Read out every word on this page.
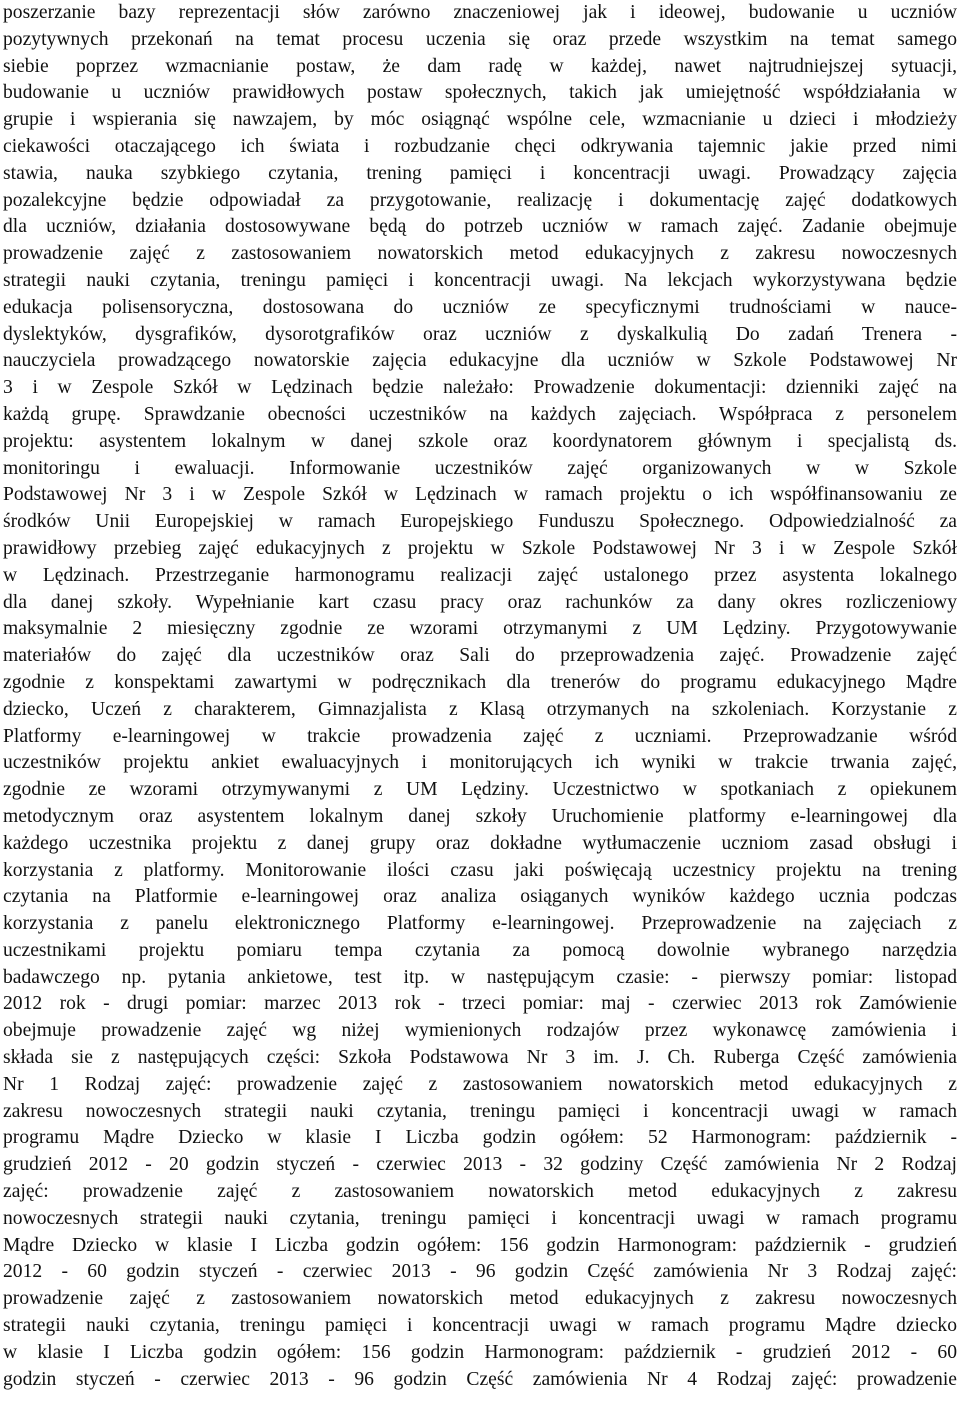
poszerzanie bazy reprezentacji słów zarówno znaczeniowej jak i ideowej, budowanie u uczniów
pozytywnych przekonań na temat procesu uczenia się oraz przede wszystkim na temat samego
siebie poprzez wzmacnianie postaw, że dam radę w każdej, nawet najtrudniejszej sytuacji,
budowanie u uczniów prawidłowych postaw społecznych, takich jak umiejętność współdziałania w
grupie i wspierania się nawzajem, by móc osiągnąć wspólne cele, wzmacnianie u dzieci i młodzieży
ciekawości otaczającego ich świata i rozbudzanie chęci odkrywania tajemnic jakie przed nimi
stawia, nauka szybkiego czytania, trening pamięci i koncentracji uwagi. Prowadzący zajęcia
pozalekcyjne będzie odpowiadał za przygotowanie, realizację i dokumentację zajęć dodatkowych
dla uczniów, działania dostosowywane będą do potrzeb uczniów w ramach zajęć. Zadanie obejmuje
prowadzenie zajęć z zastosowaniem nowatorskich metod edukacyjnych z zakresu nowoczesnych
strategii nauki czytania, treningu pamięci i koncentracji uwagi. Na lekcjach wykorzystywana będzie
edukacja polisensoryczna, dostosowana do uczniów ze specyficznymi trudnościami w nauce-
dyslektyków, dysgrafików, dysorotgrafików oraz uczniów z dyskalkulią Do zadań Trenera -
nauczyciela prowadzącego nowatorskie zajęcia edukacyjne dla uczniów w Szkole Podstawowej Nr
3 i w Zespole Szkół w Lędzinach będzie należało: Prowadzenie dokumentacji: dzienniki zajęć na
każdą grupę. Sprawdzanie obecności uczestników na każdych zajęciach. Współpraca z personelem
projektu: asystentem lokalnym w danej szkole oraz koordynatorem głównym i specjalistą ds.
monitoringu i ewaluacji. Informowanie uczestników zajęć organizowanych w w Szkole
Podstawowej Nr 3 i w Zespole Szkół w Lędzinach w ramach projektu o ich współfinansowaniu ze
środków Unii Europejskiej w ramach Europejskiego Funduszu Społecznego. Odpowiedzialność za
prawidłowy przebieg zajęć edukacyjnych z projektu w Szkole Podstawowej Nr 3 i w Zespole Szkół
w Lędzinach. Przestrzeganie harmonogramu realizacji zajęć ustalonego przez asystenta lokalnego
dla danej szkoły. Wypełnianie kart czasu pracy oraz rachunków za dany okres rozliczeniowy
maksymalnie 2 miesięczny zgodnie ze wzorami otrzymanymi z UM Lędziny. Przygotowywanie
materiałów do zajęć dla uczestników oraz Sali do przeprowadzenia zajęć. Prowadzenie zajęć
zgodnie z konspektami zawartymi w podręcznikach dla trenerów do programu edukacyjnego Mądre
dziecko, Uczeń z charakterem, Gimnazjalista z Klasą otrzymanych na szkoleniach. Korzystanie z
Platformy e-learningowej w trakcie prowadzenia zajęć z uczniami. Przeprowadzanie wśród
uczestników projektu ankiet ewaluacyjnych i monitorujących ich wyniki w trakcie trwania zajęć,
zgodnie ze wzorami otrzymywanymi z UM Lędziny. Uczestnictwo w spotkaniach z opiekunem
metodycznym oraz asystentem lokalnym danej szkoły Uruchomienie platformy e-learningowej dla
każdego uczestnika projektu z danej grupy oraz dokładne wytłumaczenie uczniom zasad obsługi i
korzystania z platformy. Monitorowanie ilości czasu jaki poświęcają uczestnicy projektu na trening
czytania na Platformie e-learningowej oraz analiza osiąganych wyników każdego ucznia podczas
korzystania z panelu elektronicznego Platformy e-learningowej. Przeprowadzenie na zajęciach z
uczestnikami projektu pomiaru tempa czytania za pomocą dowolnie wybranego narzędzia
badawczego np. pytania ankietowe, test itp. w następującym czasie: - pierwszy pomiar: listopad
2012 rok - drugi pomiar: marzec 2013 rok - trzeci pomiar: maj - czerwiec 2013 rok Zamówienie
obejmuje prowadzenie zajęć wg niżej wymienionych rodzajów przez wykonawcę zamówienia i
składa sie z następujących części: Szkoła Podstawowa Nr 3 im. J. Ch. Ruberga Część zamówienia
Nr 1 Rodzaj zajęć: prowadzenie zajęć z zastosowaniem nowatorskich metod edukacyjnych z
zakresu nowoczesnych strategii nauki czytania, treningu pamięci i koncentracji uwagi w ramach
programu Mądre Dziecko w klasie I Liczba godzin ogółem: 52 Harmonogram: październik -
grudzień 2012 - 20 godzin styczeń - czerwiec 2013 - 32 godziny Część zamówienia Nr 2 Rodzaj
zajęć: prowadzenie zajęć z zastosowaniem nowatorskich metod edukacyjnych z zakresu
nowoczesnych strategii nauki czytania, treningu pamięci i koncentracji uwagi w ramach programu
Mądre Dziecko w klasie I Liczba godzin ogółem: 156 godzin Harmonogram: październik - grudzień
2012 - 60 godzin styczeń - czerwiec 2013 - 96 godzin Część zamówienia Nr 3 Rodzaj zajęć:
prowadzenie zajęć z zastosowaniem nowatorskich metod edukacyjnych z zakresu nowoczesnych
strategii nauki czytania, treningu pamięci i koncentracji uwagi w ramach programu Mądre dziecko
w klasie I Liczba godzin ogółem: 156 godzin Harmonogram: październik - grudzień 2012 - 60
godzin styczeń - czerwiec 2013 - 96 godzin Część zamówienia Nr 4 Rodzaj zajęć: prowadzenie
